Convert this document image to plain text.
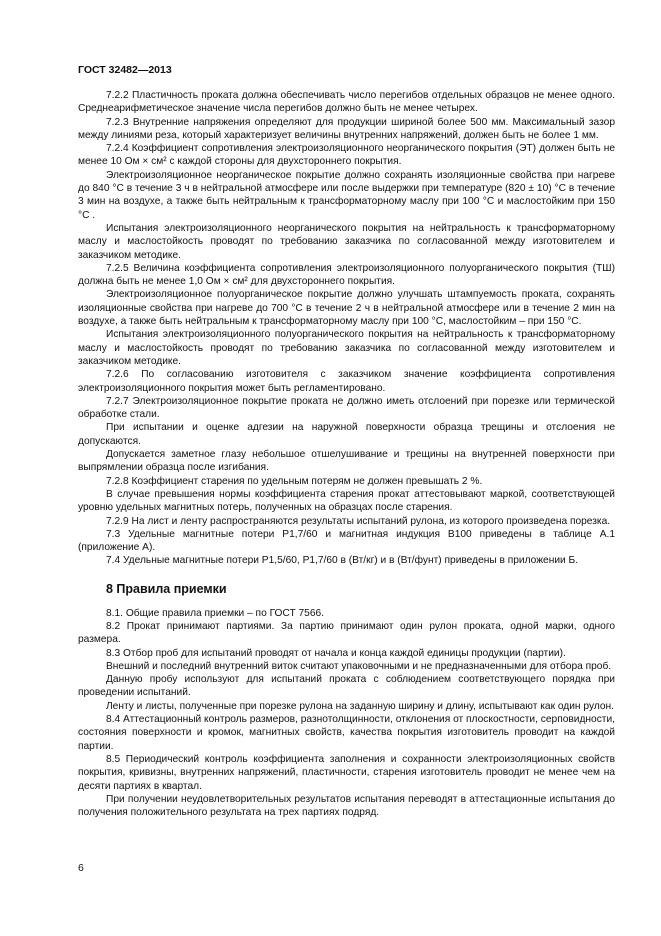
ГОСТ 32482—2013

7.2.2 Пластичность проката должна обеспечивать число перегибов отдельных образцов не менее одного. Среднеарифметическое значение числа перегибов должно быть не менее четырех.

7.2.3 Внутренние напряжения определяют для продукции шириной более 500 мм. Максимальный зазор между линиями реза, который характеризует величины внутренних напряжений, должен быть не более 1 мм.

7.2.4 Коэффициент сопротивления электроизоляционного неорганического покрытия (ЭТ) должен быть не менее 10 Ом × см² с каждой стороны для двухстороннего покрытия.

Электроизоляционное неорганическое покрытие должно сохранять изоляционные свойства при нагреве до 840 °С в течение 3 ч в нейтральной атмосфере или после выдержки при температуре (820 ± 10) °С в течение 3 мин на воздухе, а также быть нейтральным к трансформаторному маслу при 100 °С и маслостойким при 150 °С .

Испытания электроизоляционного неорганического покрытия на нейтральность к трансформаторному маслу и маслостойкость проводят по требованию заказчика по согласованной между изготовителем и заказчиком методике.

7.2.5 Величина коэффициента сопротивления электроизоляционного полуорганического покрытия (ТШ) должна быть не менее 1,0 Ом × см² для двухстороннего покрытия.

Электроизоляционное полуорганическое покрытие должно улучшать штампуемость проката, сохранять изоляционные свойства при нагреве до 700 °С в течение 2 ч в нейтральной атмосфере или в течение 2 мин на воздухе, а также быть нейтральным к трансформаторному маслу при 100 °С, маслостойким – при 150 °С.

Испытания электроизоляционного полуорганического покрытия на нейтральность к трансформаторному маслу и маслостойкость проводят по требованию заказчика по согласованной между изготовителем и заказчиком методике.

7.2.6 По согласованию изготовителя с заказчиком значение коэффициента сопротивления электроизоляционного покрытия может быть регламентировано.

7.2.7 Электроизоляционное покрытие проката не должно иметь отслоений при порезке или термической обработке стали.

При испытании и оценке адгезии на наружной поверхности образца трещины и отслоения не допускаются.

Допускается заметное глазу небольшое отшелушивание и трещины на внутренней поверхности при выпрямлении образца после изгибания.

7.2.8 Коэффициент старения по удельным потерям не должен превышать 2 %.

В случае превышения нормы коэффициента старения прокат аттестовывают маркой, соответствующей уровню удельных магнитных потерь, полученных на образцах после старения.

7.2.9 На лист и ленту распространяются результаты испытаний рулона, из которого произведена порезка.

7.3 Удельные магнитные потери P1,7/60 и магнитная индукция B100 приведены в таблице А.1 (приложение А).

7.4 Удельные магнитные потери P1,5/60, P1,7/60 в (Вт/кг) и в (Вт/фунт) приведены в приложении Б.

8 Правила приемки

8.1. Общие правила приемки – по ГОСТ 7566.

8.2 Прокат принимают партиями. За партию принимают один рулон проката, одной марки, одного размера.

8.3 Отбор проб для испытаний проводят от начала и конца каждой единицы продукции (партии).

Внешний и последний внутренний виток считают упаковочными и не предназначенными для отбора проб.

Данную пробу используют для испытаний проката с соблюдением соответствующего порядка при проведении испытаний.

Ленту и листы, полученные при порезке рулона на заданную ширину и длину, испытывают как один рулон.

8.4 Аттестационный контроль размеров, разнотолщинности, отклонения от плоскостности, серповидности, состояния поверхности и кромок, магнитных свойств, качества покрытия изготовитель проводит на каждой партии.

8.5 Периодический контроль коэффициента заполнения и сохранности электроизоляционных свойств покрытия, кривизны, внутренних напряжений, пластичности, старения изготовитель проводит не менее чем на десяти партиях в квартал.

При получении неудовлетворительных результатов испытания переводят в аттестационные испытания до получения положительного результата на трех партиях подряд.

6
